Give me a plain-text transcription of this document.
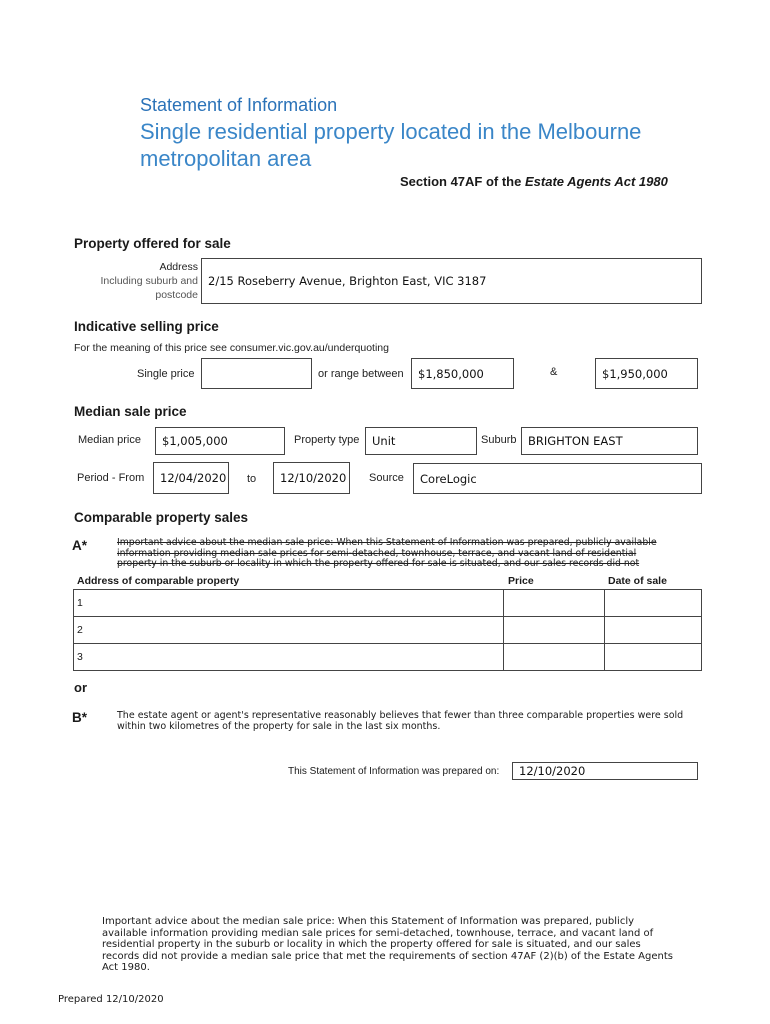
Statement of Information
Single residential property located in the Melbourne metropolitan area
Section 47AF of the Estate Agents Act 1980
Property offered for sale
Address
Including suburb and
postcode
2/15 Roseberry Avenue, Brighton East, VIC 3187
Indicative selling price
For the meaning of this price see consumer.vic.gov.au/underquoting
Single price	or range between	$1,850,000	&	$1,950,000
Median sale price
Median price	$1,005,000	Property type	Unit	Suburb	BRIGHTON EAST
Period - From	12/04/2020 to	12/10/2020	Source	CoreLogic
Comparable property sales
A*	Important advice about the median sale price: When this Statement of Information was prepared, publicly available
information providing median sale prices for semi-detached, townhouse, terrace, and vacant land of residential
property in the suburb or locality in which the property offered for sale is situated, and our sales records did not
Address of comparable property	Price	Date of sale
1		
2		
3		
or
B*	The estate agent or agent's representative reasonably believes that fewer than three comparable properties were sold within two kilometres of the property for sale in the last six months.
This Statement of Information was prepared on:	12/10/2020
Important advice about the median sale price: When this Statement of Information was prepared, publicly available information providing median sale prices for semi-detached, townhouse, terrace, and vacant land of residential property in the suburb or locality in which the property offered for sale is situated, and our sales records did not provide a median sale price that met the requirements of section 47AF (2)(b) of the Estate Agents Act 1980.
Prepared 12/10/2020
